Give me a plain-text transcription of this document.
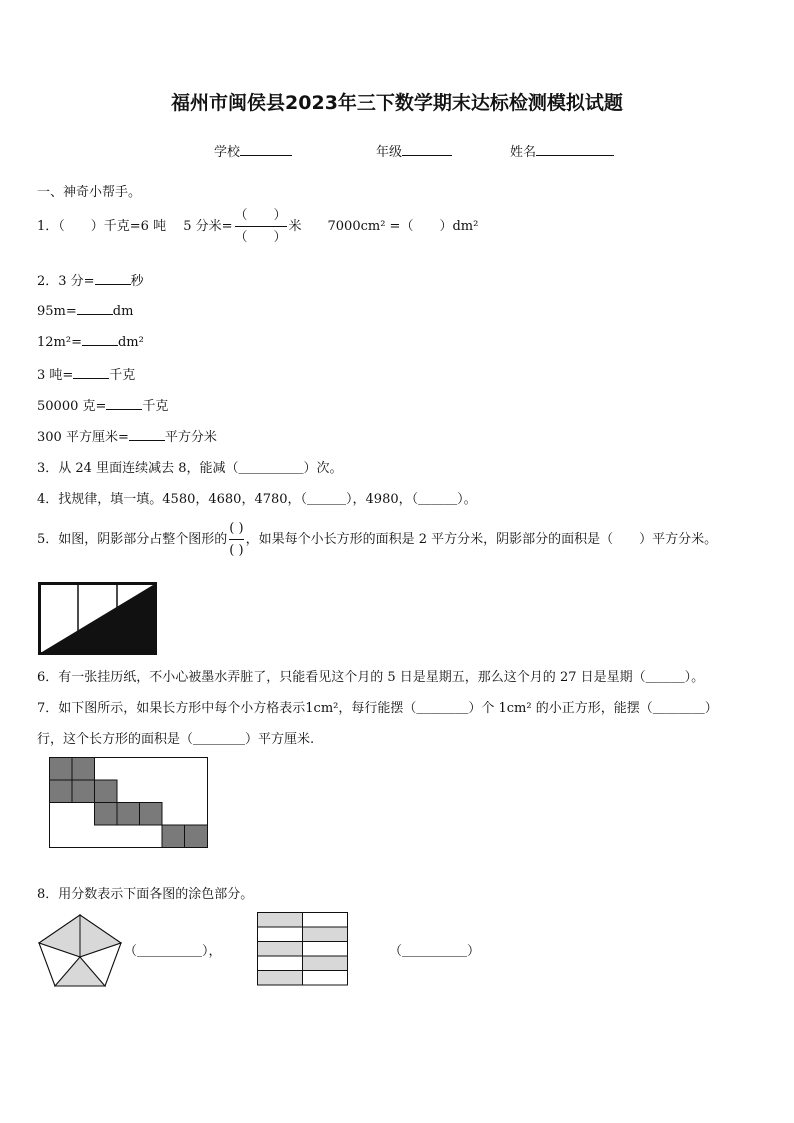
福州市闽侯县2023年三下数学期末达标检测模拟试题
学校	年级	姓名
一、神奇小帮手。
1．（　　）千克=6 吨　 5 分米= $\frac{( )}{( )}$ 米　　7000cm² =（　　）dm²
2．3 分=	秒
95m=	dm
12m²=	dm²
3 吨=	千克
50000 克=	千克
300 平方厘米=	平方分米
3．从 24 里面连续减去 8，能减（＿＿＿＿＿）次。
4．找规律，填一填。4580，4680，4780，（＿＿＿），4980，（＿＿＿）。
5．如图，阴影部分占整个图形的 $\frac{( )}{( )}$ ，如果每个小长方形的面积是 2 平方分米，阴影部分的面积是（　　）平方分米。
6．有一张挂历纸，不小心被墨水弄脏了，只能看见这个月的 5 日是星期五，那么这个月的 27 日是星期（＿＿＿）。
7．如下图所示，如果长方形中每个小方格表示1cm²，每行能摆（＿＿＿＿）个 1cm² 的小正方形，能摆（＿＿＿＿）
行，这个长方形的面积是（＿＿＿＿）平方厘米.
8．用分数表示下面各图的涂色部分。
（＿＿＿＿＿），	（＿＿＿＿＿）
